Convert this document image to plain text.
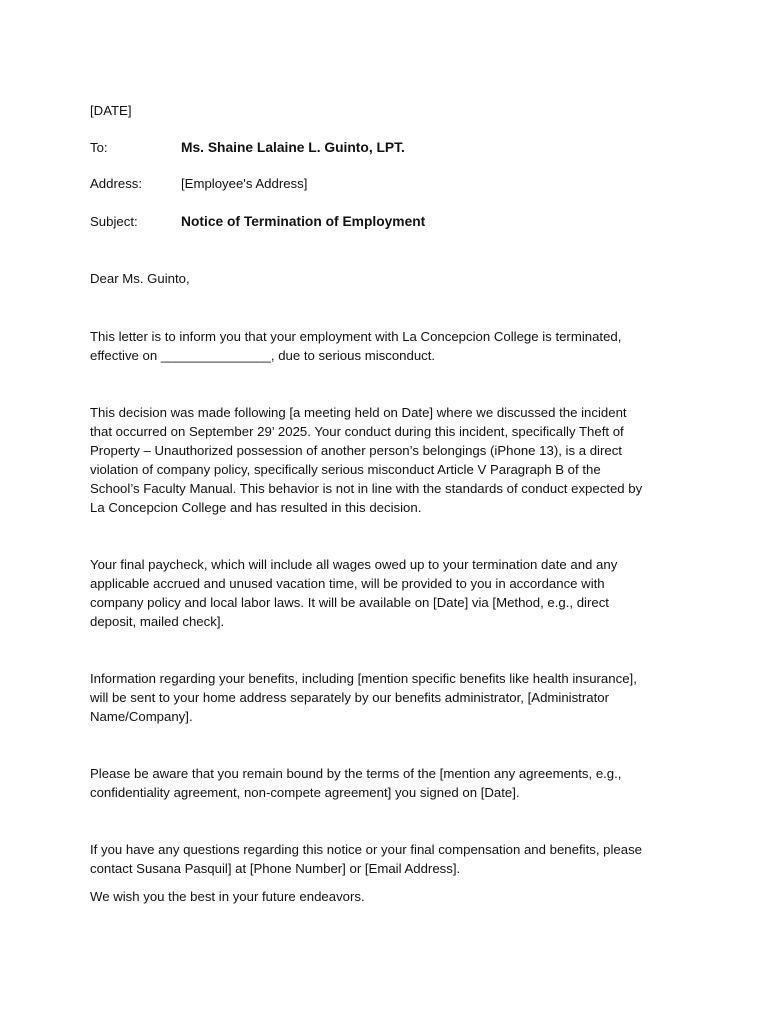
[DATE]
To:	Ms. Shaine Lalaine L. Guinto, LPT.
Address:	[Employee's Address]
Subject:	Notice of Termination of Employment
Dear Ms. Guinto,
This letter is to inform you that your employment with La Concepcion College is terminated,
effective on _______________, due to serious misconduct.
This decision was made following [a meeting held on Date] where we discussed the incident
that occurred on September 29’ 2025. Your conduct during this incident, specifically Theft of
Property – Unauthorized possession of another person’s belongings (iPhone 13), is a direct
violation of company policy, specifically serious misconduct Article V Paragraph B of the
School’s Faculty Manual. This behavior is not in line with the standards of conduct expected by
La Concepcion College and has resulted in this decision.
Your final paycheck, which will include all wages owed up to your termination date and any
applicable accrued and unused vacation time, will be provided to you in accordance with
company policy and local labor laws. It will be available on [Date] via [Method, e.g., direct
deposit, mailed check].
Information regarding your benefits, including [mention specific benefits like health insurance],
will be sent to your home address separately by our benefits administrator, [Administrator
Name/Company].
Please be aware that you remain bound by the terms of the [mention any agreements, e.g.,
confidentiality agreement, non-compete agreement] you signed on [Date].
If you have any questions regarding this notice or your final compensation and benefits, please
contact Susana Pasquil] at [Phone Number] or [Email Address].
We wish you the best in your future endeavors.
